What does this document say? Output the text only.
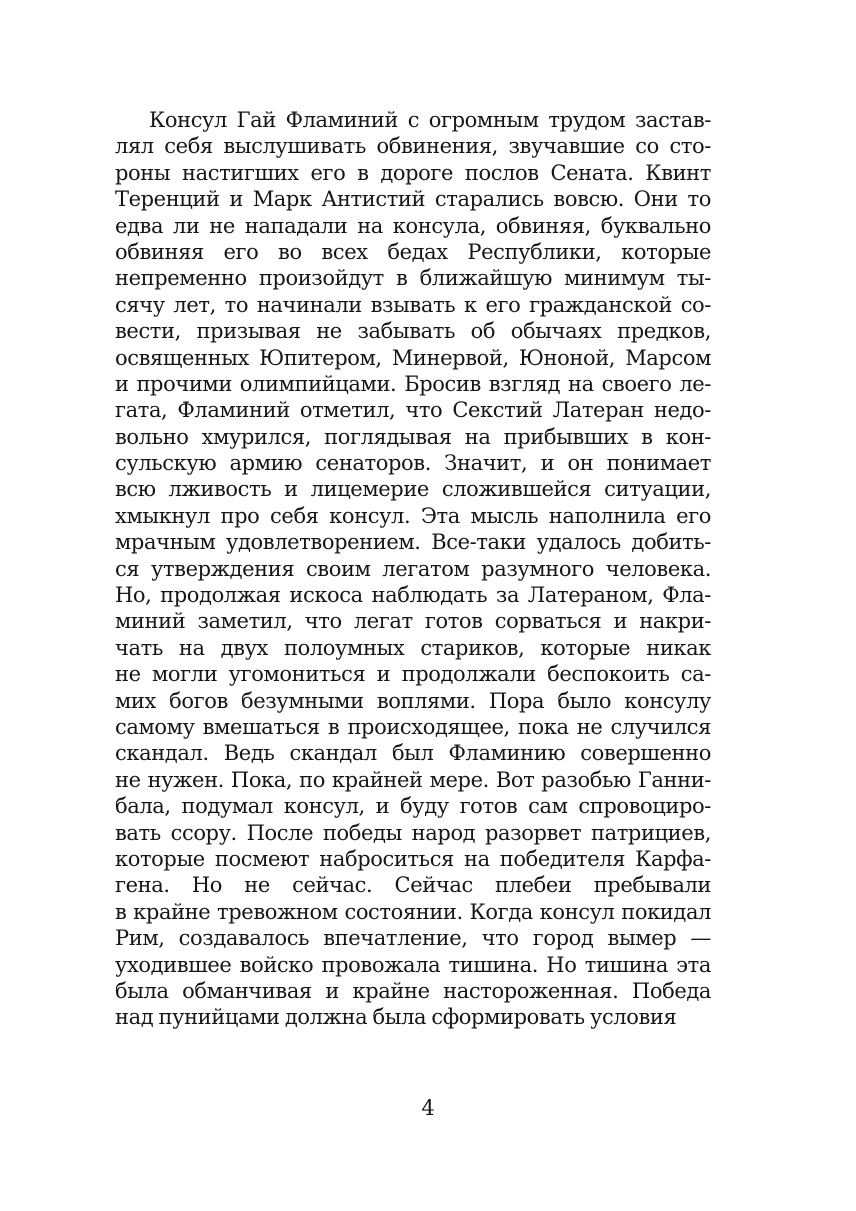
Консул Гай Фламиний с огромным трудом застав-
лял себя выслушивать обвинения, звучавшие со сто-
роны настигших его в дороге послов Сената. Квинт
Теренций и Марк Антистий старались вовсю. Они то
едва ли не нападали на консула, обвиняя, буквально
обвиняя его во всех бедах Республики, которые
непременно произойдут в ближайшую минимум ты-
сячу лет, то начинали взывать к его гражданской со-
вести, призывая не забывать об обычаях предков,
освященных Юпитером, Минервой, Юноной, Марсом
и прочими олимпийцами. Бросив взгляд на своего ле-
гата, Фламиний отметил, что Секстий Латеран недо-
вольно хмурился, поглядывая на прибывших в кон-
сульскую армию сенаторов. Значит, и он понимает
всю лживость и лицемерие сложившейся ситуации,
хмыкнул про себя консул. Эта мысль наполнила его
мрачным удовлетворением. Все-таки удалось добить-
ся утверждения своим легатом разумного человека.
Но, продолжая искоса наблюдать за Латераном, Фла-
миний заметил, что легат готов сорваться и накри-
чать на двух полоумных стариков, которые никак
не могли угомониться и продолжали беспокоить са-
мих богов безумными воплями. Пора было консулу
самому вмешаться в происходящее, пока не случился
скандал. Ведь скандал был Фламинию совершенно
не нужен. Пока, по крайней мере. Вот разобью Ганни-
бала, подумал консул, и буду готов сам спровоциро-
вать ссору. После победы народ разорвет патрициев,
которые посмеют наброситься на победителя Карфа-
гена. Но не сейчас. Сейчас плебеи пребывали
в крайне тревожном состоянии. Когда консул покидал
Рим, создавалось впечатление, что город вымер —
уходившее войско провожала тишина. Но тишина эта
была обманчивая и крайне настороженная. Победа
над пунийцами должна была сформировать условия
4
